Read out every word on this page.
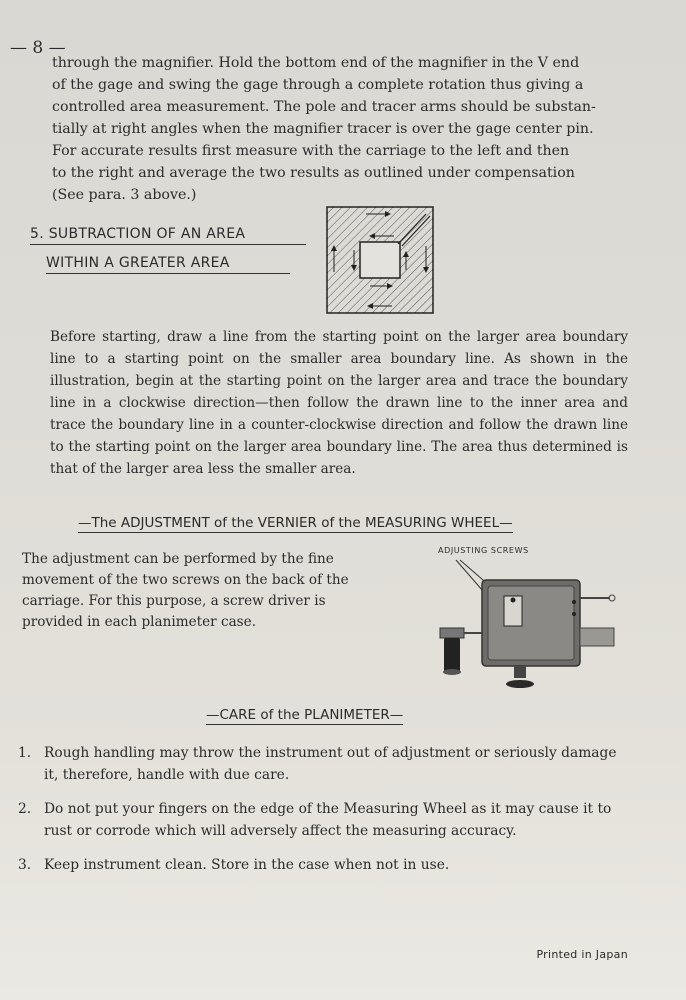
— 8 —
through the magnifier. Hold the bottom end of the magnifier in the V end
of the gage and swing the gage through a complete rotation thus giving a
controlled area measurement. The pole and tracer arms should be substan-
tially at right angles when the magnifier tracer is over the gage center pin.
For accurate results first measure with the carriage to the left and then
to the right and average the two results as outlined under compensation
(See para. 3 above.)
5. SUBTRACTION OF AN AREA
WITHIN A GREATER AREA
Before starting, draw a line from the starting point on the larger area boundary line to a starting point on the smaller area boundary line. As shown in the illustration, begin at the starting point on the larger area and trace the boundary line in a clockwise direction—then follow the drawn line to the inner area and trace the boundary line in a counter-clockwise direction and follow the drawn line to the starting point on the larger area boundary line. The area thus determined is that of the larger area less the smaller area.
—The ADJUSTMENT of the VERNIER of the MEASURING WHEEL—
The adjustment can be performed by the fine movement of the two screws on the back of the carriage. For this purpose, a screw driver is provided in each planimeter case.
ADJUSTING SCREWS
—CARE of the PLANIMETER—
1. Rough handling may throw the instrument out of adjustment or seriously damage it, therefore, handle with due care.
2. Do not put your fingers on the edge of the Measuring Wheel as it may cause it to rust or corrode which will adversely affect the measuring accuracy.
3. Keep instrument clean. Store in the case when not in use.
Printed in Japan
